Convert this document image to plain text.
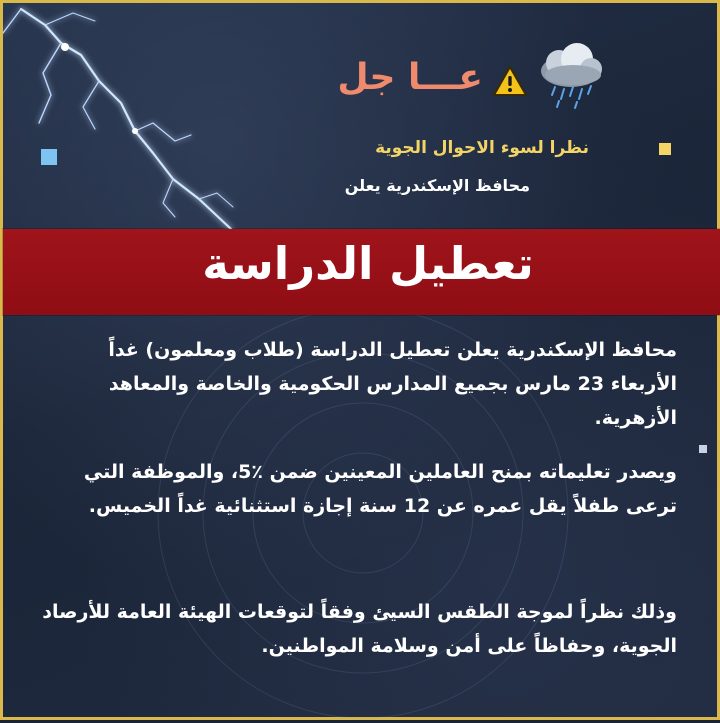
عـــا جل
نظرا لسوء الاحوال الجوية
محافظ الإسكندرية يعلن
تعطيل الدراسة
محافظ الإسكندرية يعلن تعطيل الدراسة (طلاب ومعلمون) غداً الأربعاء 23 مارس بجميع المدارس الحكومية والخاصة والمعاهد الأزهرية.
ويصدر تعليماته بمنح العاملين المعينين ضمن ٪5، والموظفة التي ترعى طفلاً يقل عمره عن 12 سنة إجازة استثنائية غداً الخميس.
وذلك نظراً لموجة الطقس السيئ وفقاً لتوقعات الهيئة العامة للأرصاد الجوية، وحفاظاً على أمن وسلامة المواطنين.
